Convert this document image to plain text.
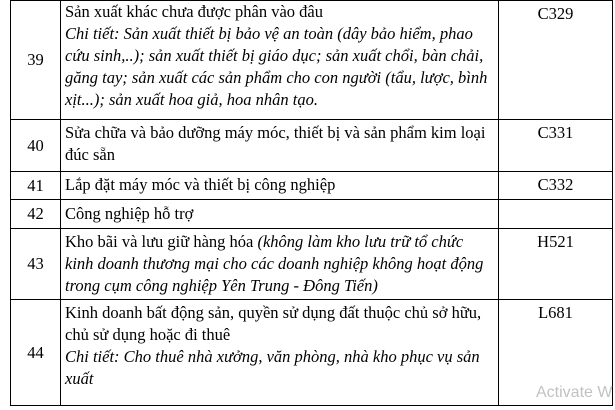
39	Sản xuất khác chưa được phân vào đâu

Chi tiết: Sản xuất thiết bị bảo vệ an toàn (dây bảo hiểm, phao cứu sinh,..); sản xuất thiết bị giáo dục; sản xuất chổi, bàn chải, găng tay; sản xuất các sản phẩm cho con người (tẩu, lược, bình xịt...); sản xuất hoa giả, hoa nhân tạo.	C329
40	Sửa chữa và bảo dưỡng máy móc, thiết bị và sản phẩm kim loại đúc sẵn	C331
41	Lắp đặt máy móc và thiết bị công nghiệp	C332
42	Công nghiệp hỗ trợ	

43	Kho bãi và lưu giữ hàng hóa (không làm kho lưu trữ tổ chức kinh doanh thương mại cho các doanh nghiệp không hoạt động trong cụm công nghiệp Yên Trung - Đông Tiến)	H521
44	Kinh doanh bất động sản, quyền sử dụng đất thuộc chủ sở hữu, chủ sử dụng hoặc đi thuê

Chi tiết: Cho thuê nhà xưởng, văn phòng, nhà kho phục vụ sản xuất	L681
Activate W
